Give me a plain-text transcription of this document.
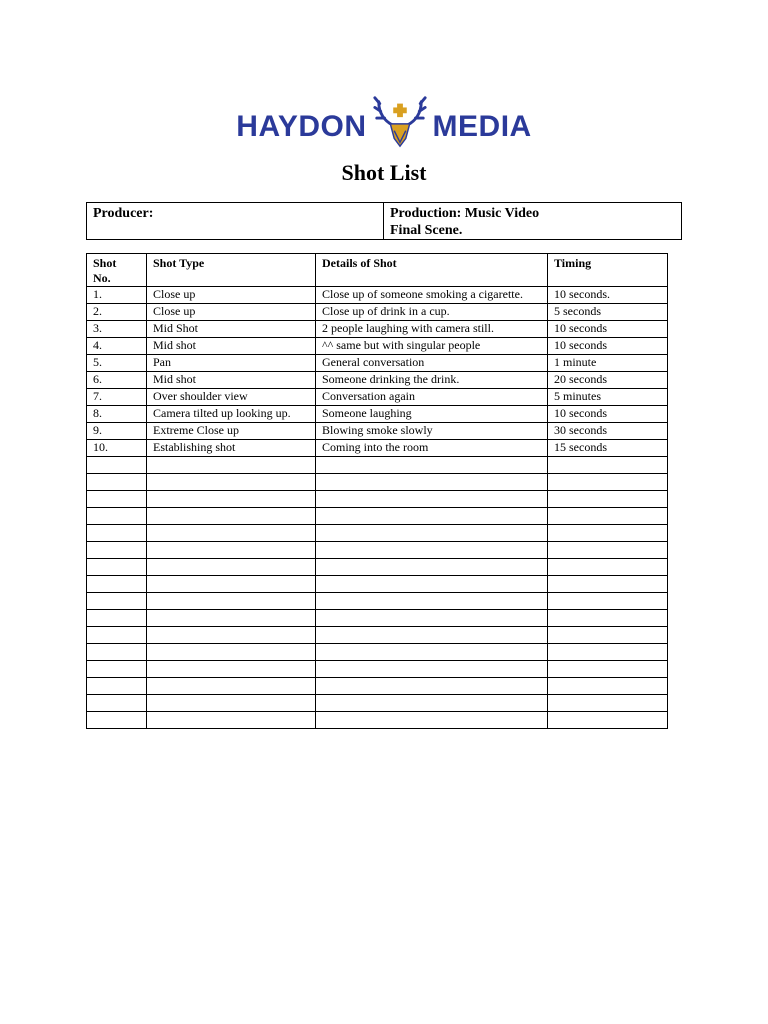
HAYDON MEDIA
Shot List
Producer:	Production: Music Video
Final Scene.
Shot
No.	Shot Type	Details of Shot	Timing
1.	Close up	Close up of someone smoking a cigarette.	10 seconds.
2.	Close up	Close up of drink in a cup.	5 seconds
3.	Mid Shot	2 people laughing with camera still.	10 seconds
4.	Mid shot	^^ same but with singular people	10 seconds
5.	Pan	General conversation	1 minute
6.	Mid shot	Someone drinking the drink.	20 seconds
7.	Over shoulder view	Conversation again	5 minutes
8.	Camera tilted up looking up.	Someone laughing	10 seconds
9.	Extreme Close up	Blowing smoke slowly	30 seconds
10.	Establishing shot	Coming into the room	15 seconds
